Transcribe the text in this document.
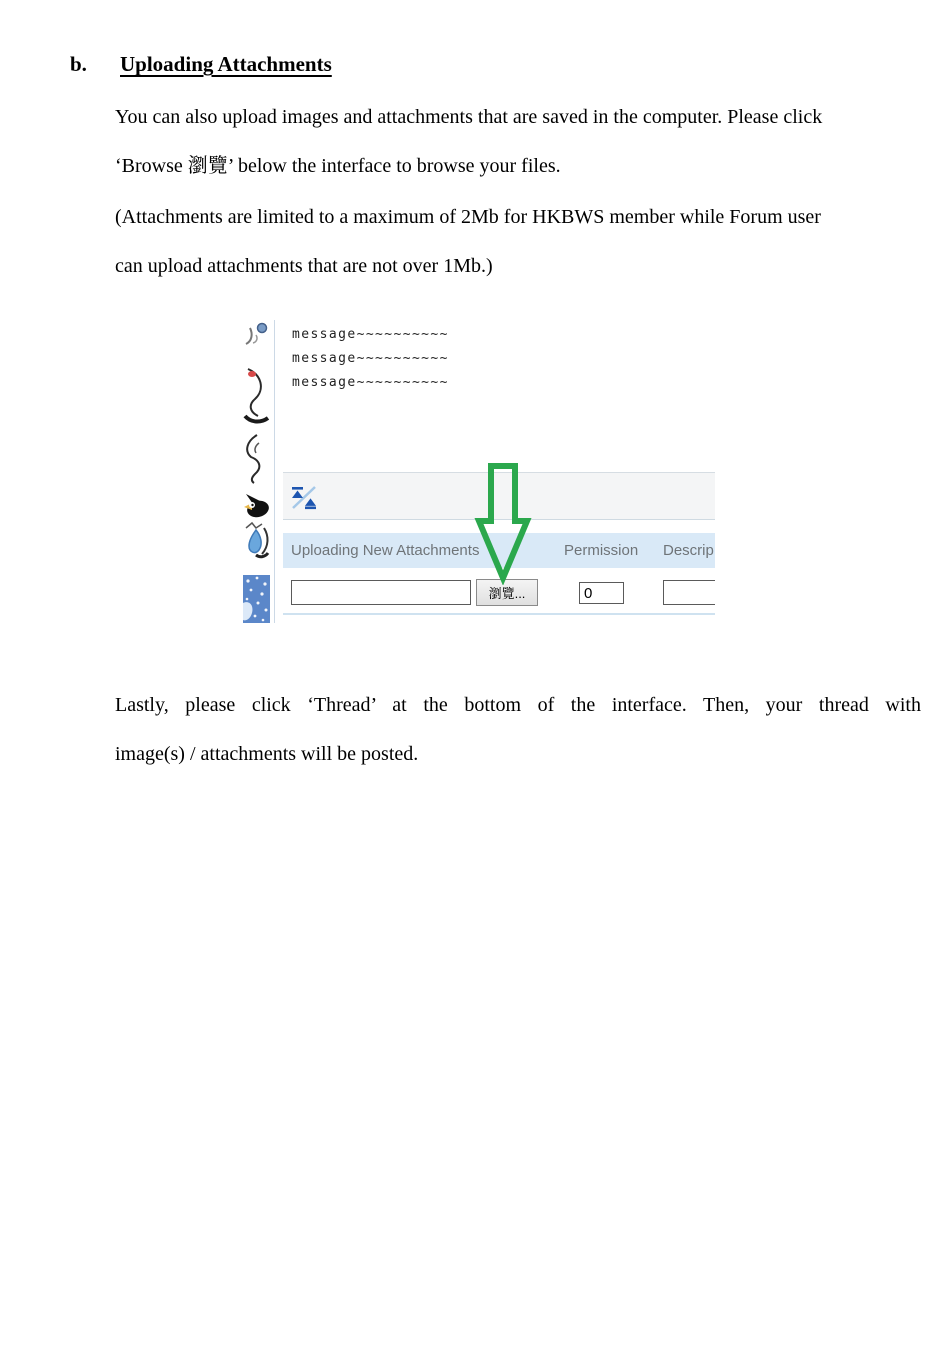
b. Uploading Attachments
You can also upload images and attachments that are saved in the computer. Please click
‘Browse 瀏覽’ below the interface to browse your files.
(Attachments are limited to a maximum of 2Mb for HKBWS member while Forum user
can upload attachments that are not over 1Mb.)
message~~~~~~~~~~
message~~~~~~~~~~
message~~~~~~~~~~
Uploading New Attachments	Permission Descrip
瀏覽...
0
Lastly, please click ‘Thread’ at the bottom of the interface. Then, your thread with
image(s) / attachments will be posted.
